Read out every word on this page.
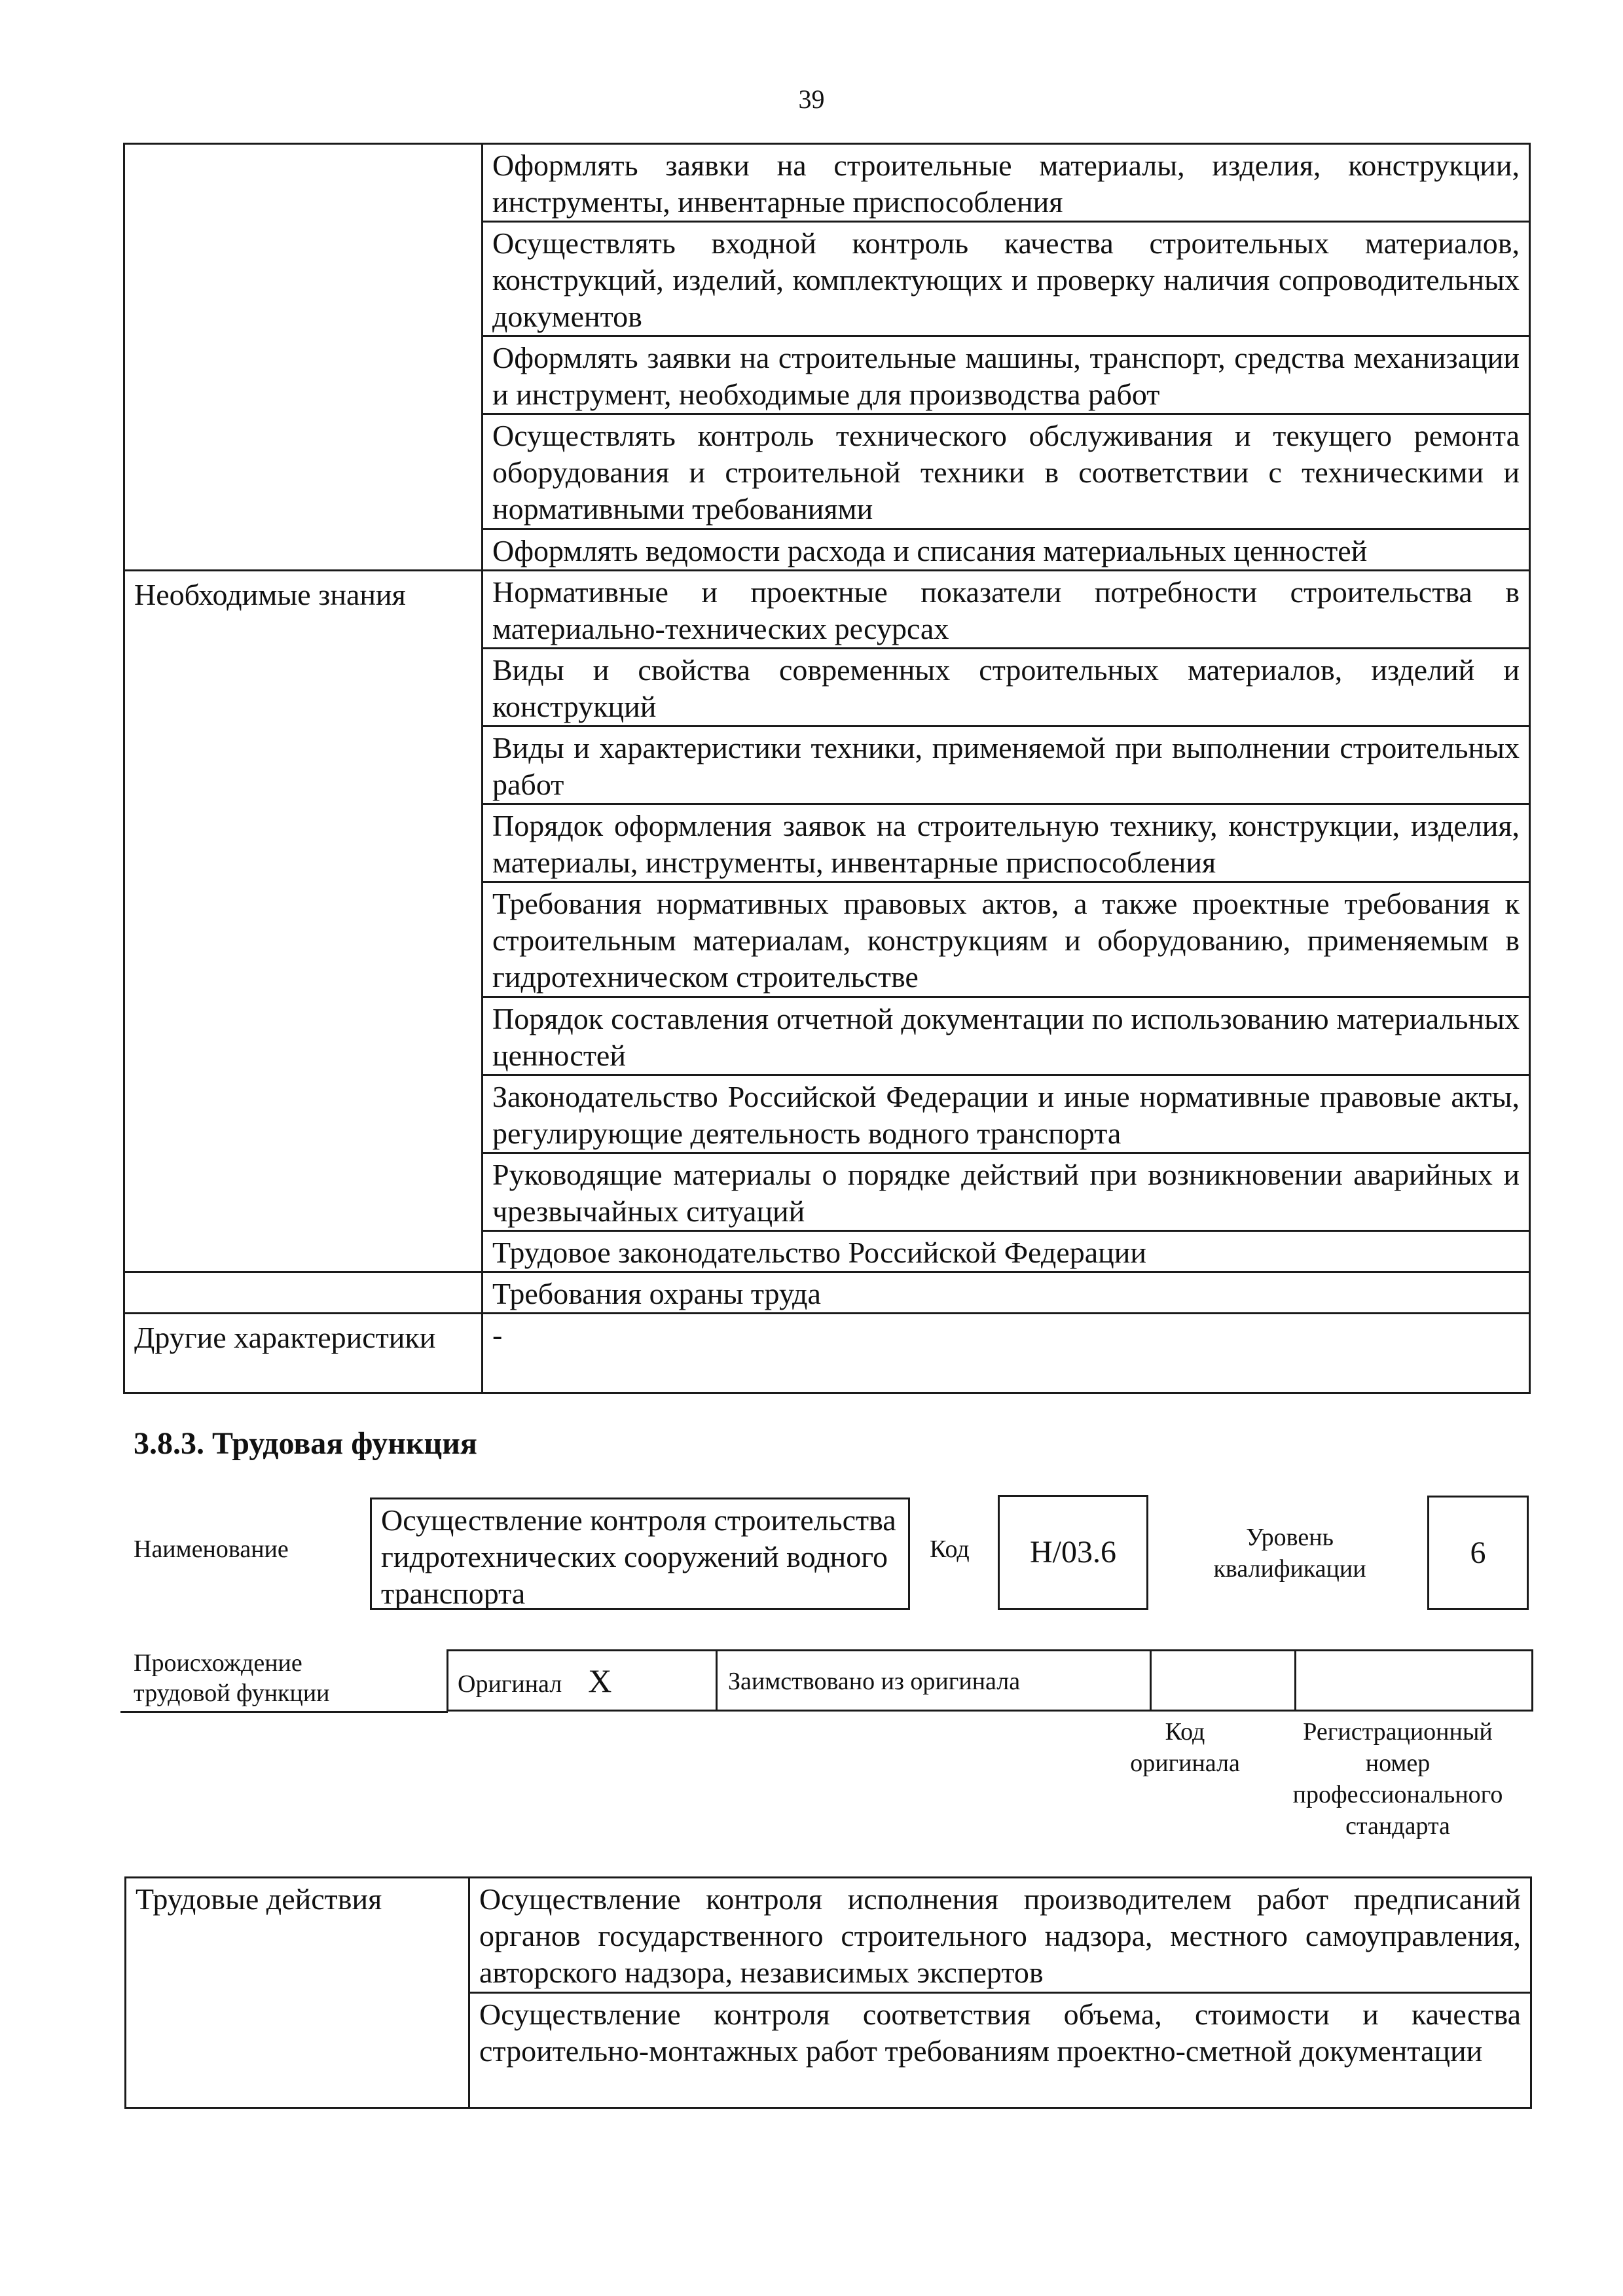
39
	Оформлять заявки на строительные материалы, изделия, конструкции, инструменты, инвентарные приспособления
	Осуществлять входной контроль качества строительных материалов, конструкций, изделий, комплектующих и проверку наличия сопроводительных документов
	Оформлять заявки на строительные машины, транспорт, средства механизации и инструмент, необходимые для производства работ
	Осуществлять контроль технического обслуживания и текущего ремонта оборудования и строительной техники в соответствии с техническими и нормативными требованиями
	Оформлять ведомости расхода и списания материальных ценностей
Необходимые знания	Нормативные и проектные показатели потребности строительства в материально-технических ресурсах
	Виды и свойства современных строительных материалов, изделий и конструкций
	Виды и характеристики техники, применяемой при выполнении строительных работ
	Порядок оформления заявок на строительную технику, конструкции, изделия, материалы, инструменты, инвентарные приспособления
	Требования нормативных правовых актов, а также проектные требования к строительным материалам, конструкциям и оборудованию, применяемым в гидротехническом строительстве
	Порядок составления отчетной документации по использованию материальных ценностей
	Законодательство Российской Федерации и иные нормативные правовые акты, регулирующие деятельность водного транспорта
	Руководящие материалы о порядке действий при возникновении аварийных и чрезвычайных ситуаций
	Трудовое законодательство Российской Федерации
	Требования охраны труда
Другие характеристики	-
3.8.3. Трудовая функция
Наименование
Осуществление контроля строительства гидротехнических сооружений водного транспорта
Код	H/03.6	Уровень квалификации	6
Происхождение трудовой функции	Оригинал X	Заимствовано из оригинала		
Код оригинала
Регистрационный номер профессионального стандарта
Трудовые действия	Осуществление контроля исполнения производителем работ предписаний органов государственного строительного надзора, местного самоуправления, авторского надзора, независимых экспертов
Осуществление контроля соответствия объема, стоимости и качества строительно-монтажных работ требованиям проектно-сметной документации
